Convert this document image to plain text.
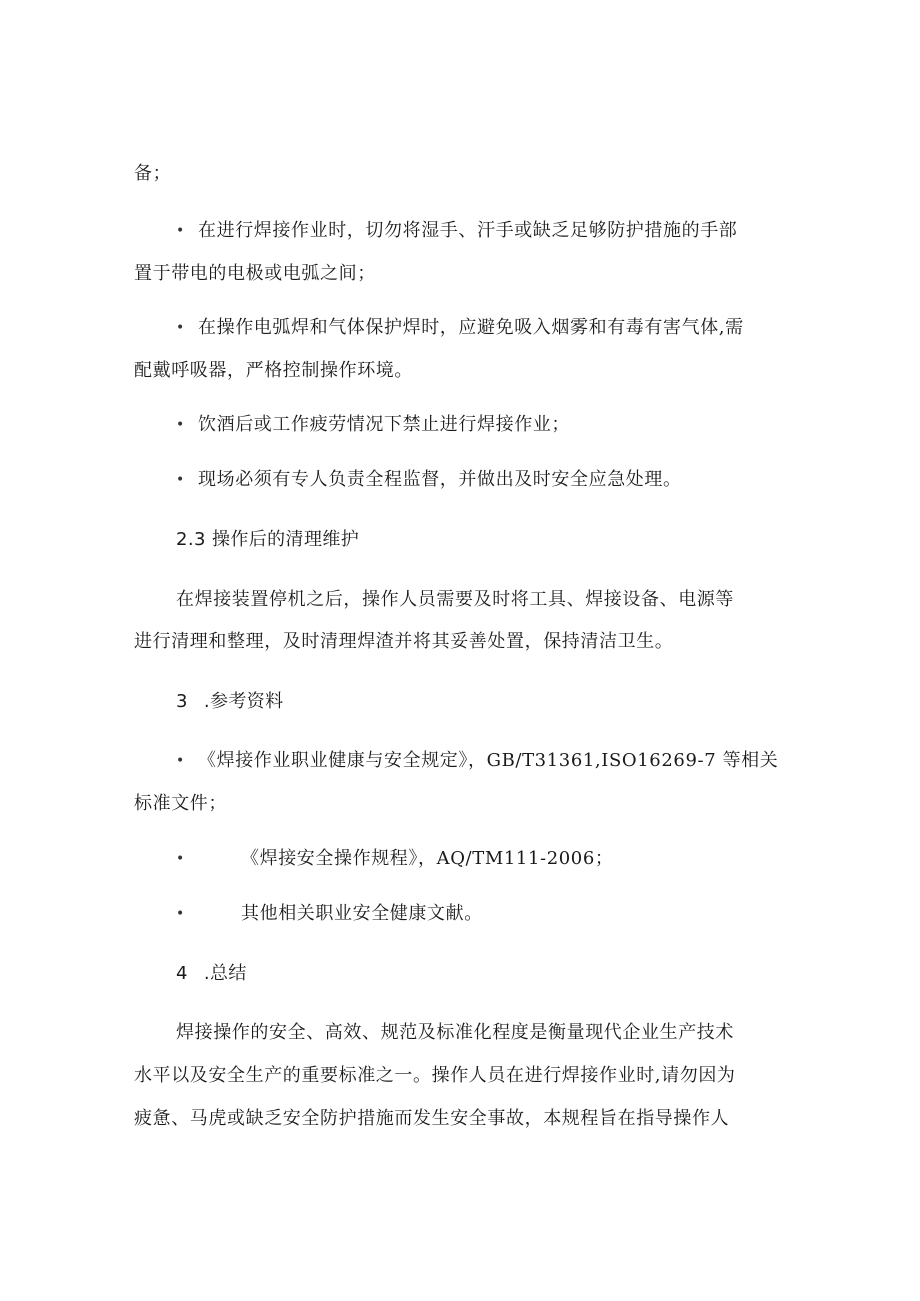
备；
• 在进行焊接作业时，切勿将湿手、汗手或缺乏足够防护措施的手部
置于带电的电极或电弧之间；
• 在操作电弧焊和气体保护焊时，应避免吸入烟雾和有毒有害气体,需
配戴呼吸器，严格控制操作环境。
• 饮酒后或工作疲劳情况下禁止进行焊接作业；
• 现场必须有专人负责全程监督，并做出及时安全应急处理。
2.3 操作后的清理维护
在焊接装置停机之后，操作人员需要及时将工具、焊接设备、电源等
进行清理和整理，及时清理焊渣并将其妥善处置，保持清洁卫生。
3 .参考资料
• 《焊接作业职业健康与安全规定》，GB/T31361,ISO16269-7 等相关
标准文件；
•	《焊接安全操作规程》，AQ/TM111-2006；
•	其他相关职业安全健康文献。
4 .总结
焊接操作的安全、高效、规范及标准化程度是衡量现代企业生产技术
水平以及安全生产的重要标准之一。操作人员在进行焊接作业时,请勿因为
疲惫、马虎或缺乏安全防护措施而发生安全事故，本规程旨在指导操作人
